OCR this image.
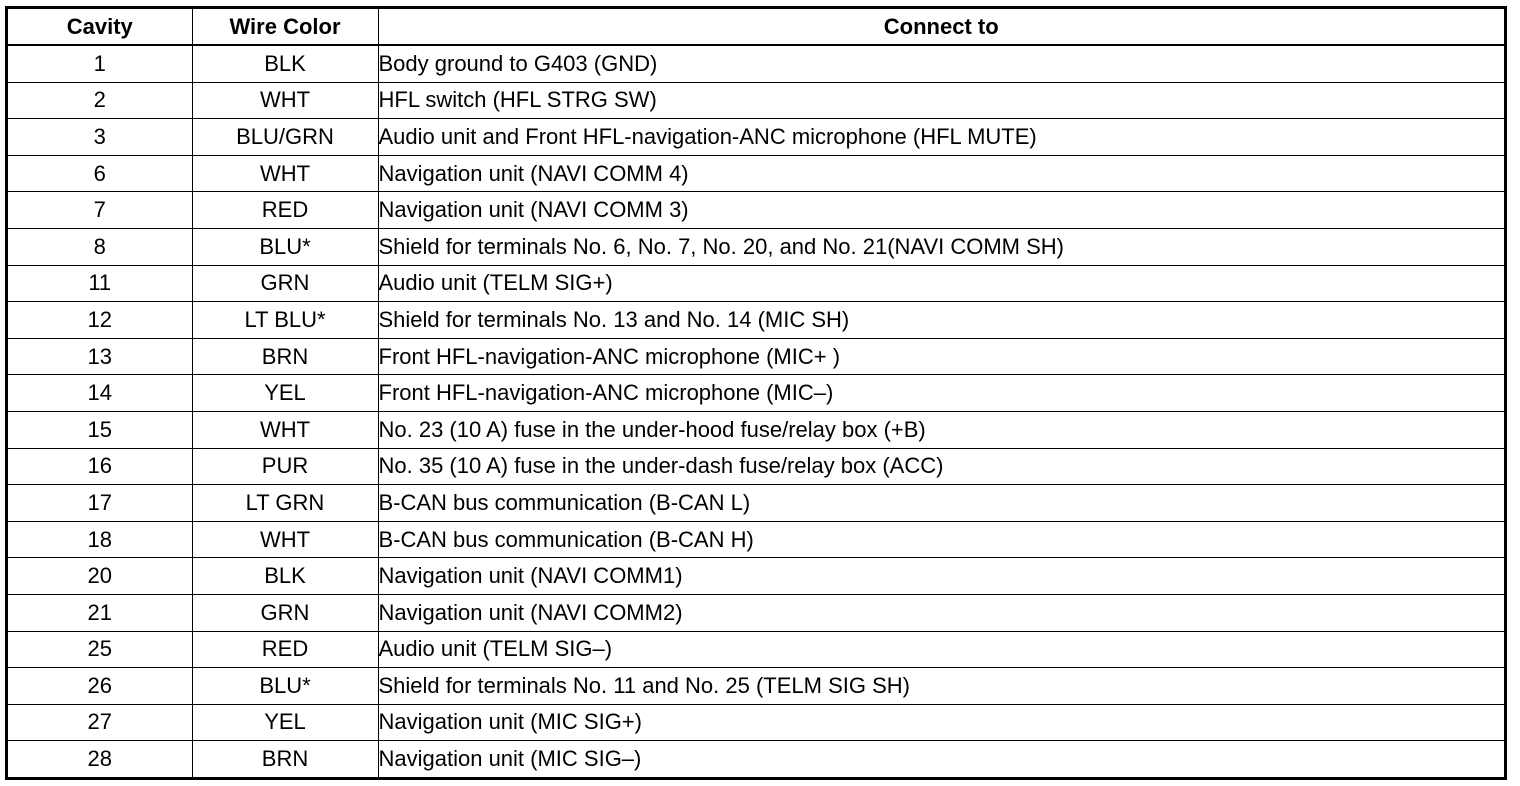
Cavity	Wire Color	Connect to
1	BLK	Body ground to G403 (GND)
2	WHT	HFL switch (HFL STRG SW)
3	BLU/GRN	Audio unit and Front HFL-navigation-ANC microphone (HFL MUTE)
6	WHT	Navigation unit (NAVI COMM 4)
7	RED	Navigation unit (NAVI COMM 3)
8	BLU*	Shield for terminals No. 6, No. 7, No. 20, and No. 21(NAVI COMM SH)
11	GRN	Audio unit (TELM SIG+)
12	LT BLU*	Shield for terminals No. 13 and No. 14 (MIC SH)
13	BRN	Front HFL-navigation-ANC microphone (MIC+ )
14	YEL	Front HFL-navigation-ANC microphone (MIC–)
15	WHT	No. 23 (10 A) fuse in the under-hood fuse/relay box (+B)
16	PUR	No. 35 (10 A) fuse in the under-dash fuse/relay box (ACC)
17	LT GRN	B-CAN bus communication (B-CAN L)
18	WHT	B-CAN bus communication (B-CAN H)
20	BLK	Navigation unit (NAVI COMM1)
21	GRN	Navigation unit (NAVI COMM2)
25	RED	Audio unit (TELM SIG–)
26	BLU*	Shield for terminals No. 11 and No. 25 (TELM SIG SH)
27	YEL	Navigation unit (MIC SIG+)
28	BRN	Navigation unit (MIC SIG–)
